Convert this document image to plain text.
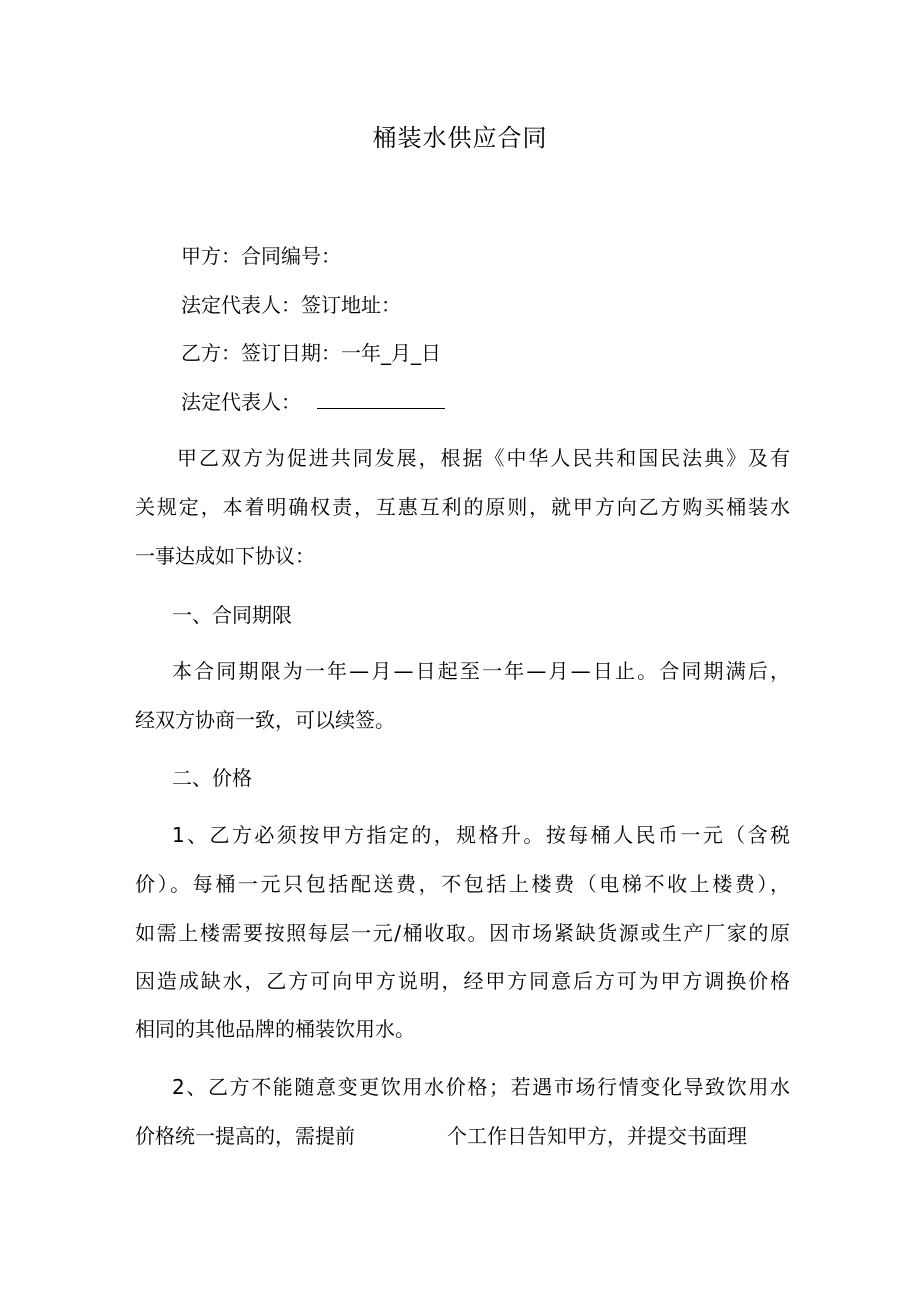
桶装水供应合同
甲方：合同编号：
法定代表人：签订地址：
乙方：签订日期：一年_月_日
法定代表人：
甲乙双方为促进共同发展，根据《中华人民共和国民法典》及有
关规定，本着明确权责，互惠互利的原则，就甲方向乙方购买桶装水
一事达成如下协议：
一、合同期限
本合同期限为一年—月—日起至一年—月—日止。合同期满后，
经双方协商一致，可以续签。
二、价格
1、乙方必须按甲方指定的，规格升。按每桶人民币一元（含税
价）。每桶一元只包括配送费，不包括上楼费（电梯不收上楼费），
如需上楼需要按照每层一元/桶收取。因市场紧缺货源或生产厂家的原
因造成缺水，乙方可向甲方说明，经甲方同意后方可为甲方调换价格
相同的其他品牌的桶装饮用水。
2、乙方不能随意变更饮用水价格；若遇市场行情变化导致饮用水
价格统一提高的，需提前	个工作日告知甲方，并提交书面理
